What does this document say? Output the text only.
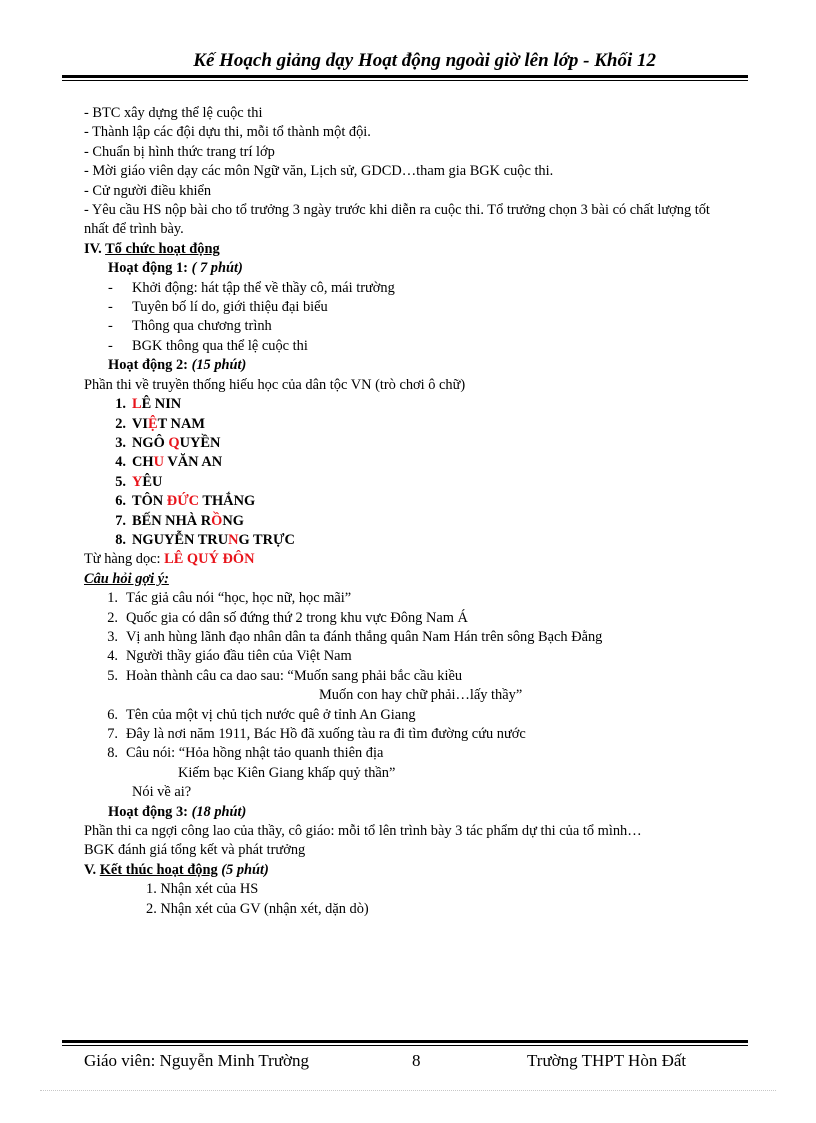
Kế Hoạch giảng dạy Hoạt động ngoài giờ lên lớp - Khối 12
- BTC xây dựng thể lệ cuộc thi
- Thành lập các đội dựu thi, mỗi tổ thành một đội.
- Chuẩn bị hình thức trang trí lớp
- Mời giáo viên dạy các môn Ngữ văn, Lịch sử, GDCD…tham gia BGK cuộc thi.
- Cử người điều khiển
- Yêu cầu HS nộp bài cho tổ trưởng 3 ngày trước khi diễn ra cuộc thi. Tổ trưởng chọn 3 bài có chất lượng tốt nhất để trình bày.
IV. Tổ chức hoạt động
Hoạt động 1: ( 7 phút)
- Khởi động: hát tập thể về thầy cô, mái trường
- Tuyên bố lí do, giới thiệu đại biểu
- Thông qua chương trình
- BGK thông qua thể lệ cuộc thi
Hoạt động 2: (15 phút)
Phần thi về truyền thống hiếu học của dân tộc VN (trò chơi ô chữ)
1. LÊ NIN
2. VIỆT NAM
3. NGÔ QUYỀN
4. CHU VĂN AN
5. YÊU
6. TÔN ĐỨC THẮNG
7. BẾN NHÀ RỒNG
8. NGUYỄN TRUNG TRỰC
Từ hàng dọc: LÊ QUÝ ĐÔN
Câu hỏi gợi ý:
1. Tác giả câu nói “học, học nữ, học mãi”
2. Quốc gia có dân số đứng thứ 2 trong khu vực Đông Nam Á
3. Vị anh hùng lãnh đạo nhân dân ta đánh thắng quân Nam Hán trên sông Bạch Đằng
4. Người thầy giáo đầu tiên của Việt Nam
5. Hoàn thành câu ca dao sau: “Muốn sang phải bắc cầu kiều
Muốn con hay chữ phải…lấy thầy”
6. Tên của một vị chủ tịch nước quê ở tỉnh An Giang
7. Đây là nơi năm 1911, Bác Hồ đã xuống tàu ra đi tìm đường cứu nước
8. Câu nói: “Hỏa hồng nhật tảo quanh thiên địa
Kiếm bạc Kiên Giang khấp quỷ thần”
Nói về ai?
Hoạt động 3: (18 phút)
Phần thi ca ngợi công lao của thầy, cô giáo: mỗi tổ lên trình bày 3 tác phẩm dự thi của tổ mình…
BGK đánh giá tổng kết và phát trưởng
V. Kết thúc hoạt động (5 phút)
1. Nhận xét của HS
2. Nhận xét của GV (nhận xét, dặn dò)
Giáo viên: Nguyễn Minh Trường	8	Trường THPT Hòn Đất
